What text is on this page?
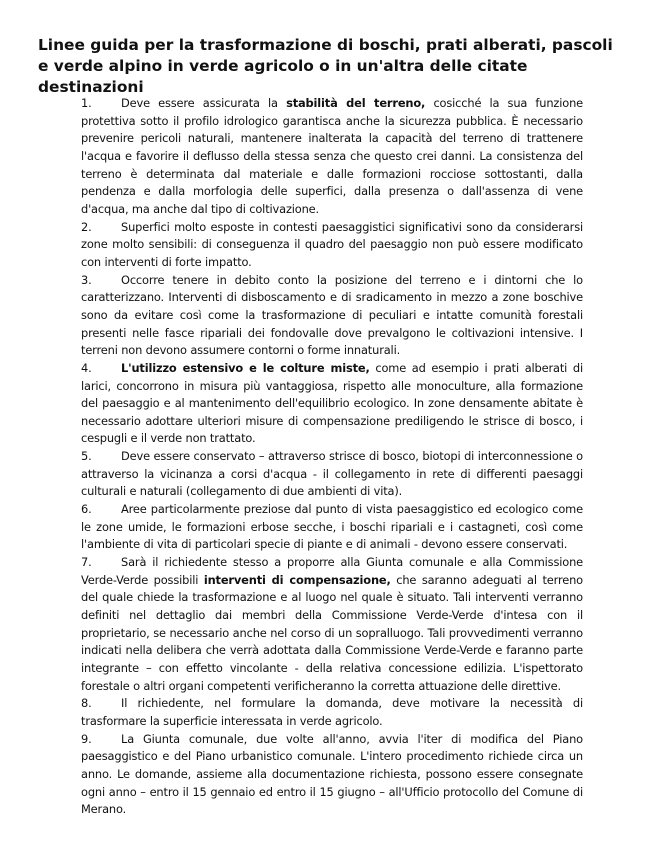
Linee guida per la trasformazione di boschi, prati alberati, pascoli e verde alpino in verde agricolo o in un'altra delle citate destinazioni

1.	Deve essere assicurata la stabilità del terreno, cosicché la sua funzione protettiva sotto il profilo idrologico garantisca anche la sicurezza pubblica. È necessario prevenire pericoli naturali, mantenere inalterata la capacità del terreno di trattenere l'acqua e favorire il deflusso della stessa senza che questo crei danni. La consistenza del terreno è determinata dal materiale e dalle formazioni rocciose sottostanti, dalla pendenza e dalla morfologia delle superfici, dalla presenza o dall'assenza di vene d'acqua, ma anche dal tipo di coltivazione.

2.	Superfici molto esposte in contesti paesaggistici significativi sono da considerarsi zone molto sensibili: di conseguenza il quadro del paesaggio non può essere modificato con interventi di forte impatto.

3.	Occorre tenere in debito conto la posizione del terreno e i dintorni che lo caratterizzano. Interventi di disboscamento e di sradicamento in mezzo a zone boschive sono da evitare così come la trasformazione di peculiari e intatte comunità forestali presenti nelle fasce ripariali dei fondovalle dove prevalgono le coltivazioni intensive. I terreni non devono assumere contorni o forme innaturali.

4.	L'utilizzo estensivo e le colture miste, come ad esempio i prati alberati di larici, concorrono in misura più vantaggiosa, rispetto alle monoculture, alla formazione del paesaggio e al mantenimento dell'equilibrio ecologico. In zone densamente abitate è necessario adottare ulteriori misure di compensazione prediligendo le strisce di bosco, i cespugli e il verde non trattato.

5.	Deve essere conservato – attraverso strisce di bosco, biotopi di interconnessione o attraverso la vicinanza a corsi d'acqua - il collegamento in rete di differenti paesaggi culturali e naturali (collegamento di due ambienti di vita).

6.	Aree particolarmente preziose dal punto di vista paesaggistico ed ecologico come le zone umide, le formazioni erbose secche, i boschi ripariali e i castagneti, così come l'ambiente di vita di particolari specie di piante e di animali - devono essere conservati.

7.	Sarà il richiedente stesso a proporre alla Giunta comunale e alla Commissione Verde-Verde possibili interventi di compensazione, che saranno adeguati al terreno del quale chiede la trasformazione e al luogo nel quale è situato. Tali interventi verranno definiti nel dettaglio dai membri della Commissione Verde-Verde d'intesa con il proprietario, se necessario anche nel corso di un sopralluogo. Tali provvedimenti verranno indicati nella delibera che verrà adottata dalla Commissione Verde-Verde e faranno parte integrante – con effetto vincolante - della relativa concessione edilizia. L'ispettorato forestale o altri organi competenti verificheranno la corretta attuazione delle direttive.

8.	Il richiedente, nel formulare la domanda, deve motivare la necessità di trasformare la superficie interessata in verde agricolo.

9.	La Giunta comunale, due volte all'anno, avvia l'iter di modifica del Piano paesaggistico e del Piano urbanistico comunale. L'intero procedimento richiede circa un anno. Le domande, assieme alla documentazione richiesta, possono essere consegnate ogni anno – entro il 15 gennaio ed entro il 15 giugno – all'Ufficio protocollo del Comune di Merano.
